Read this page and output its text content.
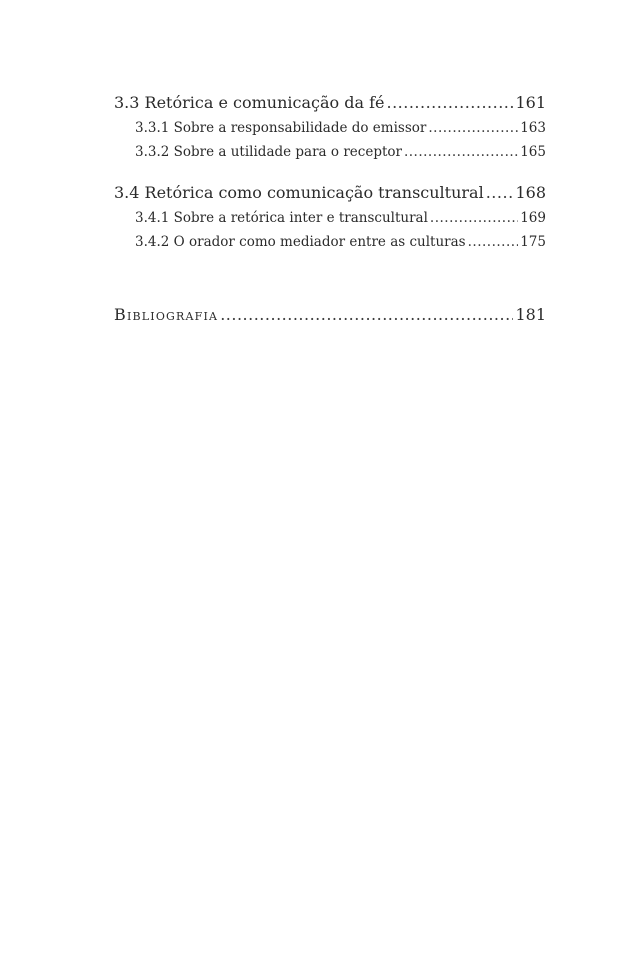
3.3 Retórica e comunicação da fé .....	161
3.3.1 Sobre a responsabilidade do emissor .....	163
3.3.2 Sobre a utilidade para o receptor .....	165
3.4 Retórica como comunicação transcultural ..... 168
3.4.1 Sobre a retórica inter e transcultural .....	169
3.4.2 O orador como mediador entre as culturas .....	175
Bibliografia .....	181
